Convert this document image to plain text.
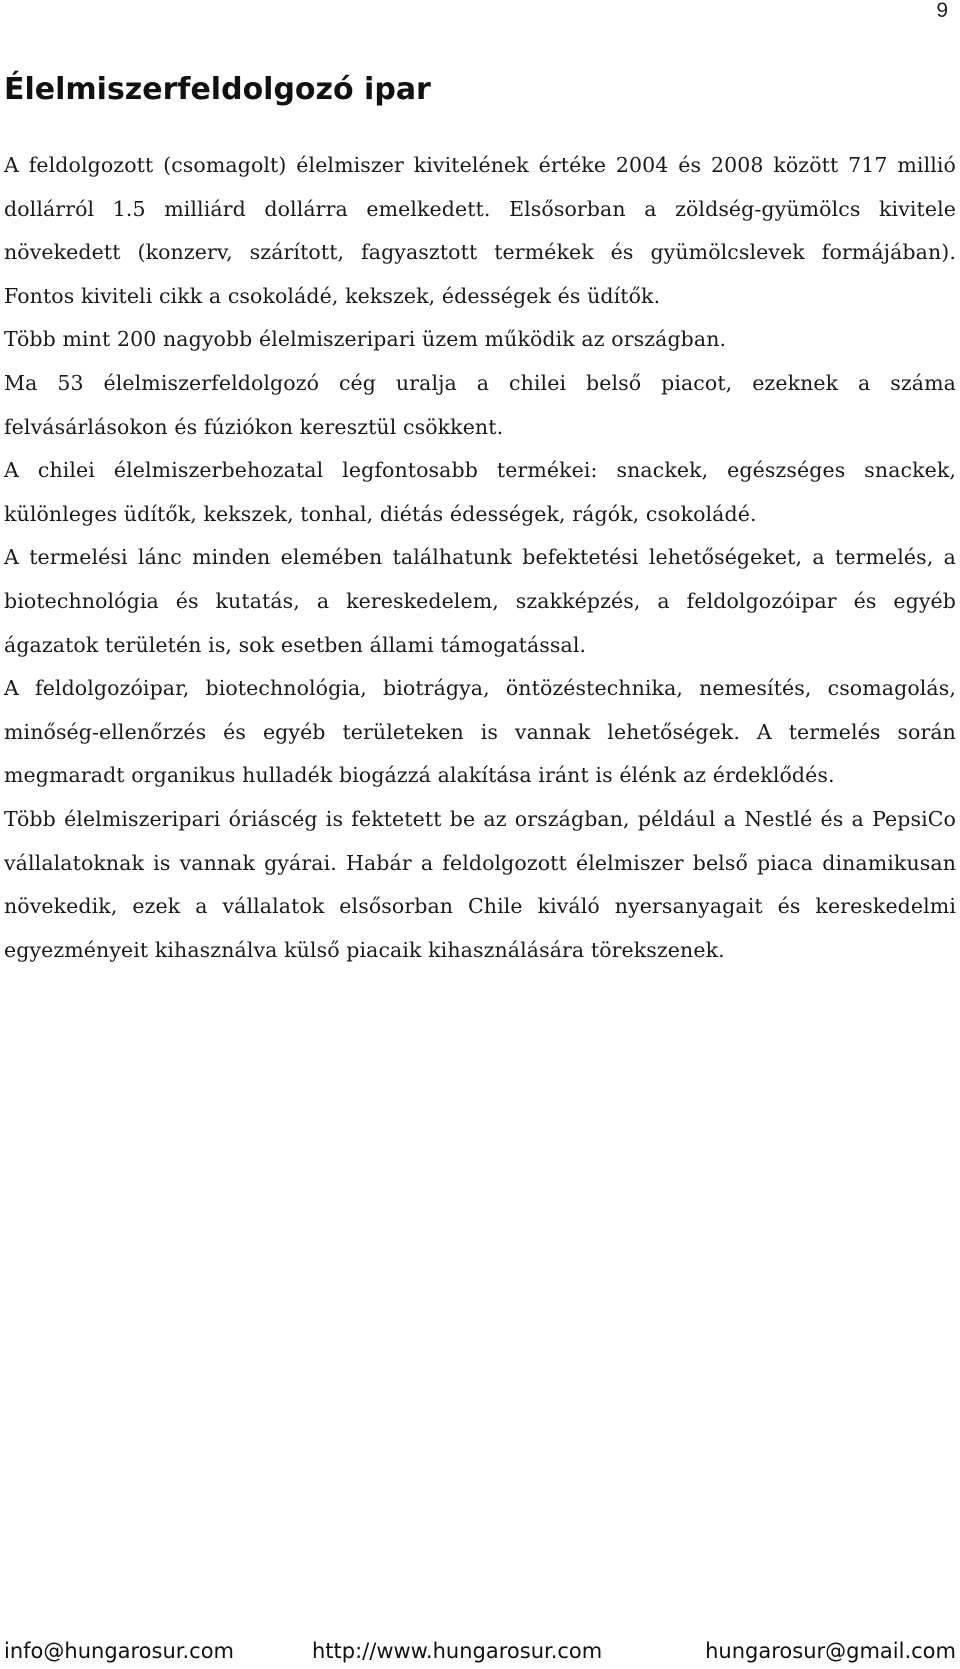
9
Élelmiszerfeldolgozó ipar

A feldolgozott (csomagolt) élelmiszer kivitelének értéke 2004 és 2008 között 717 millió dollárról 1.5 milliárd dollárra emelkedett. Elsősorban a zöldség-gyümölcs kivitele növekedett (konzerv, szárított, fagyasztott termékek és gyümölcslevek formájában). Fontos kiviteli cikk a csokoládé, kekszek, édességek és üdítők.

Több mint 200 nagyobb élelmiszeripari üzem működik az országban.

Ma 53 élelmiszerfeldolgozó cég uralja a chilei belső piacot, ezeknek a száma felvásárlásokon és fúziókon keresztül csökkent.

A chilei élelmiszerbehozatal legfontosabb termékei: snackek, egészséges snackek, különleges üdítők, kekszek, tonhal, diétás édességek, rágók, csokoládé.

A termelési lánc minden elemében találhatunk befektetési lehetőségeket, a termelés, a biotechnológia és kutatás, a kereskedelem, szakképzés, a feldolgozóipar és egyéb ágazatok területén is, sok esetben állami támogatással.

A feldolgozóipar, biotechnológia, biotrágya, öntözéstechnika, nemesítés, csomagolás, minőség-ellenőrzés és egyéb területeken is vannak lehetőségek. A termelés során megmaradt organikus hulladék biogázzá alakítása iránt is élénk az érdeklődés.

Több élelmiszeripari óriáscég is fektetett be az országban, például a Nestlé és a PepsiCo vállalatoknak is vannak gyárai. Habár a feldolgozott élelmiszer belső piaca dinamikusan növekedik, ezek a vállalatok elsősorban Chile kiváló nyersanyagait és kereskedelmi egyezményeit kihasználva külső piacaik kihasználására törekszenek.

info@hungarosur.com	http://www.hungarosur.com	hungarosur@gmail.com
